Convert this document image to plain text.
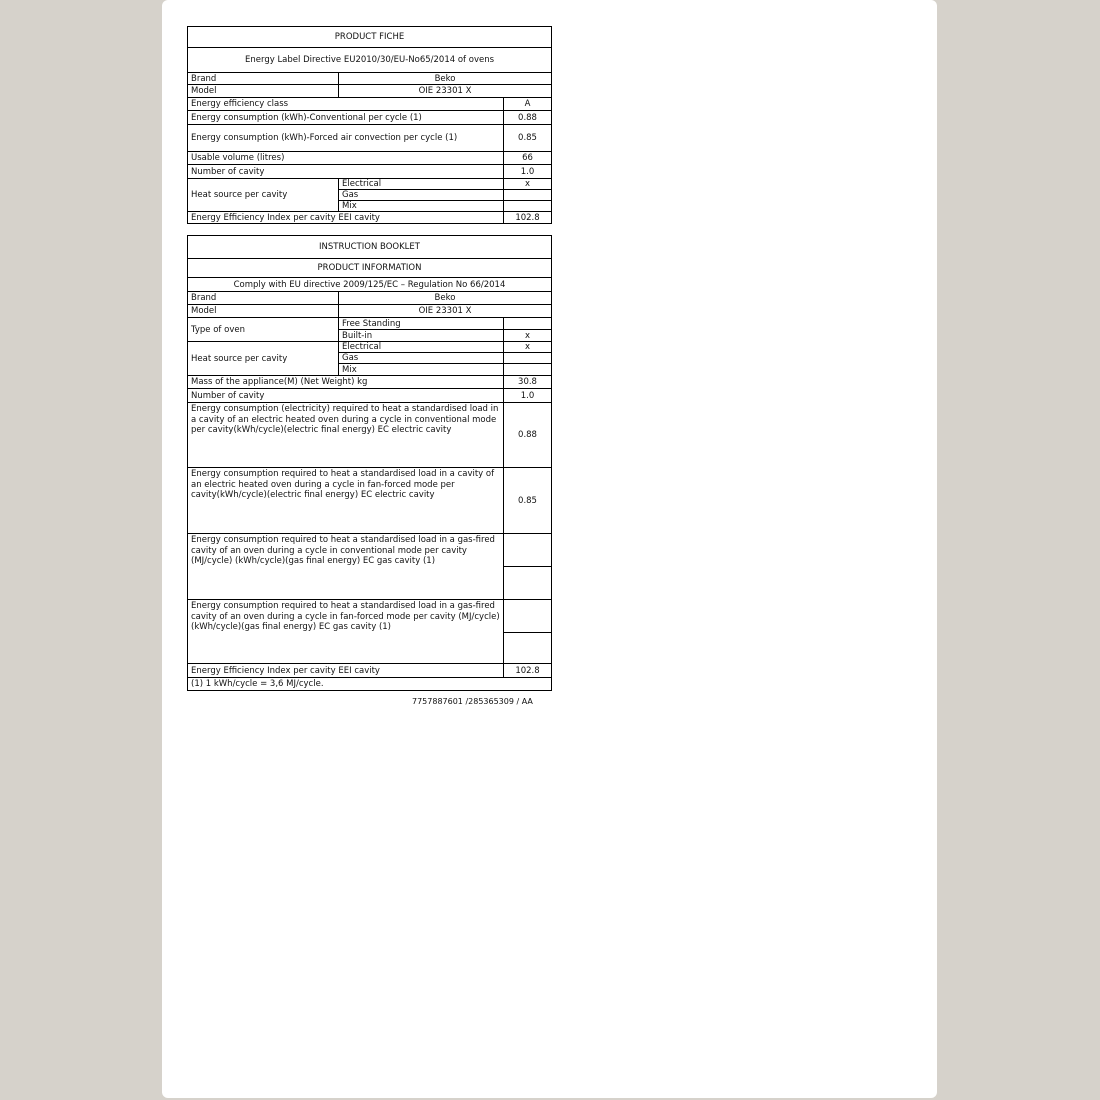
PRODUCT FICHE		
Energy Label Directive EU2010/30/EU-No65/2014 of ovens		
Brand	Beko	
Model	OIE 23301 X	
Energy efficiency class		A
Energy consumption (kWh)-Conventional per cycle (1)		0.88
Energy consumption (kWh)-Forced air convection per cycle (1)		0.85
Usable volume (litres)		66
Number of cavity		1.0
Heat source per cavity	Electrical	x
	Gas	
	Mix	
Energy Efficiency Index per cavity EEI cavity		102.8
INSTRUCTION BOOKLET		
PRODUCT INFORMATION		
Comply with EU directive 2009/125/EC – Regulation No 66/2014		
Brand	Beko	
Model	OIE 23301 X	
Type of oven	Free Standing	
	Built-in	x
Heat source per cavity	Electrical	x
	Gas	
	Mix	
Mass of the appliance(M) (Net Weight) kg		30.8
Number of cavity		1.0
Energy consumption (electricity) required to heat a standardised load in a cavity of an electric heated oven during a cycle in conventional mode per cavity(kWh/cycle)(electric final energy) EC electric cavity		0.88
Energy consumption required to heat a standardised load in a cavity of an electric heated oven during a cycle in fan-forced mode per cavity(kWh/cycle)(electric final energy) EC electric cavity		0.85
Energy consumption required to heat a standardised load in a gas-fired cavity of an oven during a cycle in conventional mode per cavity (MJ/cycle) (kWh/cycle)(gas final energy) EC gas cavity (1)		

Energy consumption required to heat a standardised load in a gas-fired cavity of an oven during a cycle in fan-forced mode per cavity (MJ/cycle) (kWh/cycle)(gas final energy) EC gas cavity (1)		

Energy Efficiency Index per cavity EEI cavity		102.8
(1) 1 kWh/cycle = 3,6 MJ/cycle.		
7757887601 /285365309 / AA
